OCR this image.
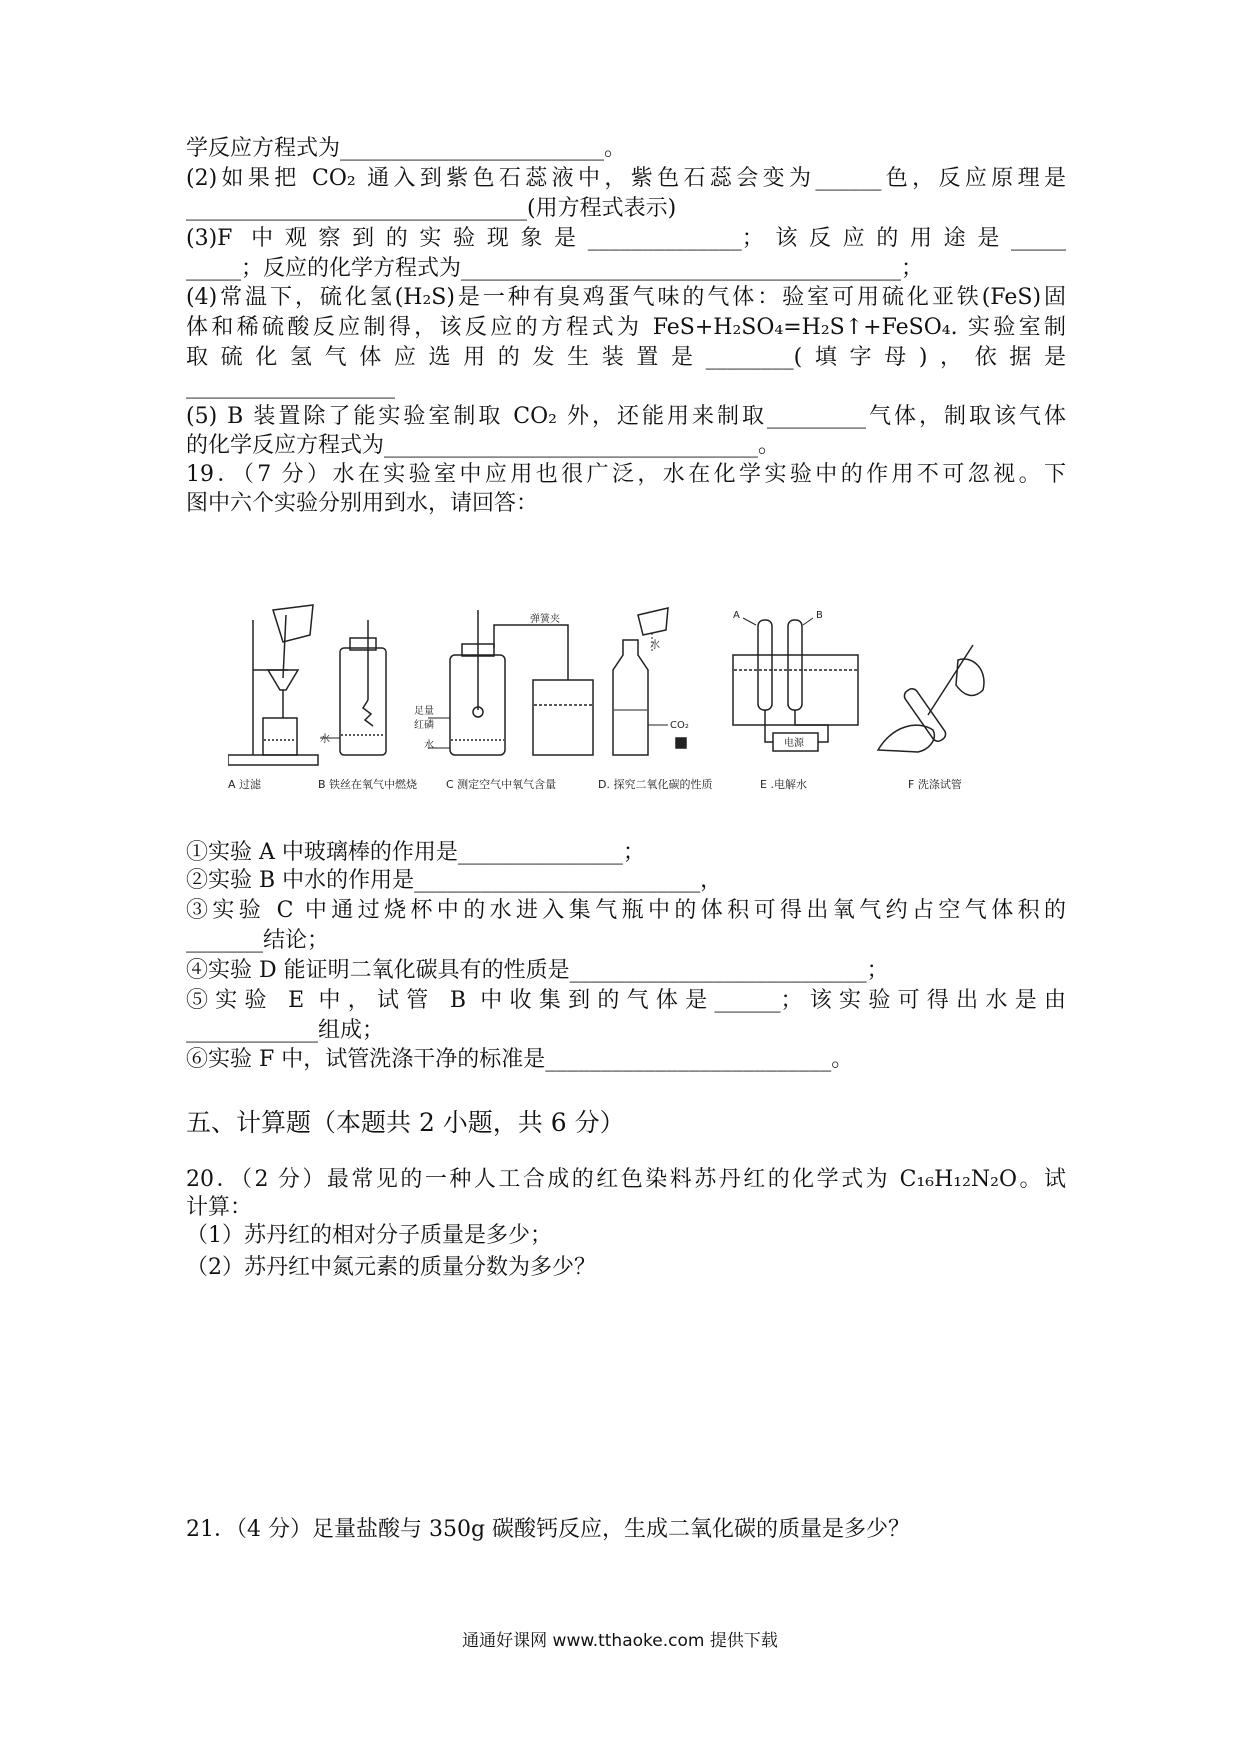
学反应方程式为________________________。
(2)如果把 CO₂ 通入到紫色石蕊液中，紫色石蕊会变为______色，反应原理是
_______________________________(用方程式表示)
(3)F 中观察到的实验现象是______________；该反应的用途是_____
_____；反应的化学方程式为________________________________________；
(4)常温下，硫化氢(H₂S)是一种有臭鸡蛋气味的气体：验室可用硫化亚铁(FeS)固
体和稀硫酸反应制得，该反应的方程式为 FeS+H₂SO₄=H₂S↑+FeSO₄. 实验室制
取硫化氢气体应选用的发生装置是________(填字母)，依据是
___________________
(5) B 装置除了能实验室制取 CO₂ 外，还能用来制取_________气体，制取该气体
的化学反应方程式为__________________________________。
19．（7 分）水在实验室中应用也很广泛，水在化学实验中的作用不可忽视。下
图中六个实验分别用到水，请回答：
弹簧夹
足量
红磷
水
水
水
CO₂
A	B
电源
A 过滤	B 铁丝在氧气中燃烧	C 测定空气中氧气含量	D. 探究二氧化碳的性质	E .电解水	F 洗涤试管
①实验 A 中玻璃棒的作用是_______________；
②实验 B 中水的作用是__________________________，
③实验 C 中通过烧杯中的水进入集气瓶中的体积可得出氧气约占空气体积的
_______结论；
④实验 D 能证明二氧化碳具有的性质是___________________________；
⑤实验 E 中，试管 B 中收集到的气体是______；该实验可得出水是由
____________组成；
⑥实验 F 中，试管洗涤干净的标准是__________________________。
五、计算题（本题共 2 小题，共 6 分）
20．（2 分）最常见的一种人工合成的红色染料苏丹红的化学式为 C₁₆H₁₂N₂O。试
计算：
（1）苏丹红的相对分子质量是多少；
（2）苏丹红中氮元素的质量分数为多少？
21．（4 分）足量盐酸与 350g 碳酸钙反应，生成二氧化碳的质量是多少？
通通好课网 www.tthaoke.com 提供下载
